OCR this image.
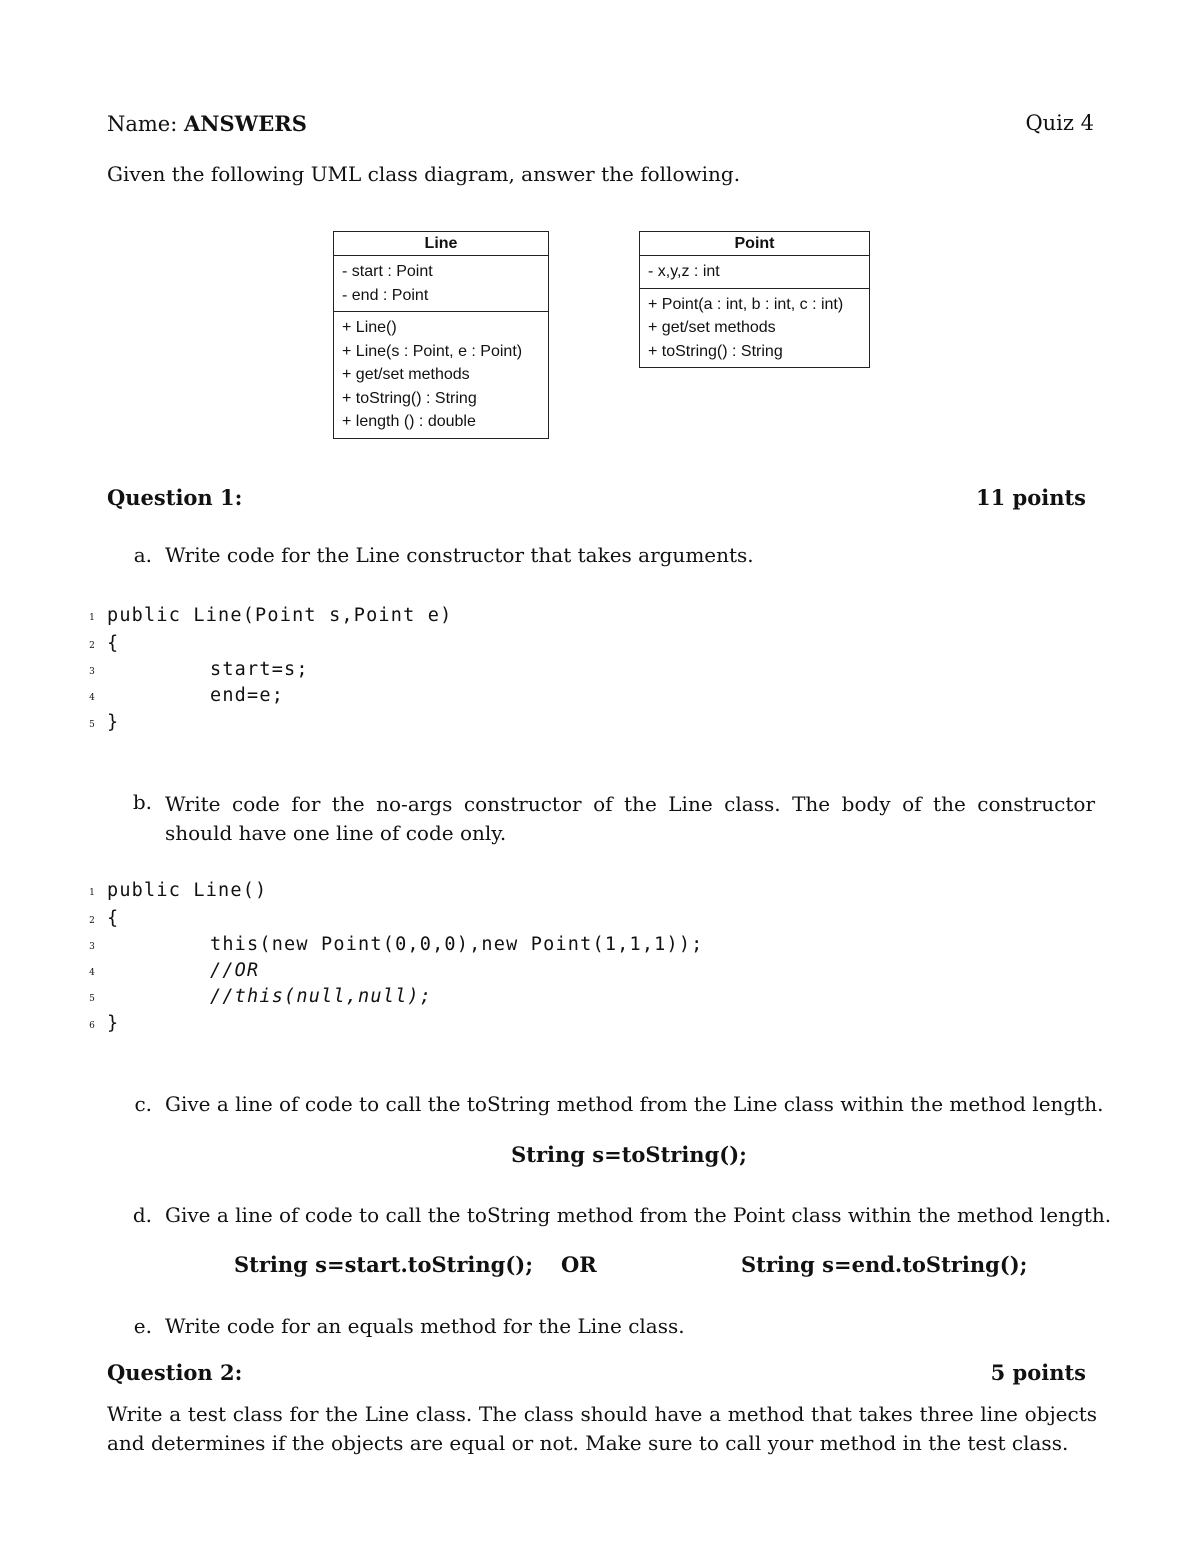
Name: ANSWERS	Quiz 4
Given the following UML class diagram, answer the following.
Line
- start : Point
- end : Point
+ Line()
+ Line(s : Point, e : Point)
+ get/set methods
+ toString() : String
+ length () : double
Point
- x,y,z : int
+ Point(a : int, b : int, c : int)
+ get/set methods
+ toString() : String
Question 1:	11 points
a. Write code for the Line constructor that takes arguments.
1 public Line(Point s,Point e)
2 {
3	start=s;
4	end=e;
5 }
b. Write code for the no-args constructor of the Line class. The body of the constructor should have one line of code only.
1 public Line()
2 {
3	this(new Point(0,0,0),new Point(1,1,1));
4	//OR
5	//this(null,null);
6 }
c. Give a line of code to call the toString method from the Line class within the method length.
String s=toString();
d. Give a line of code to call the toString method from the Point class within the method length.
String s=start.toString(); OR	String s=end.toString();
e. Write code for an equals method for the Line class.
Question 2:	5 points
Write a test class for the Line class. The class should have a method that takes three line objects and determines if the objects are equal or not. Make sure to call your method in the test class.
